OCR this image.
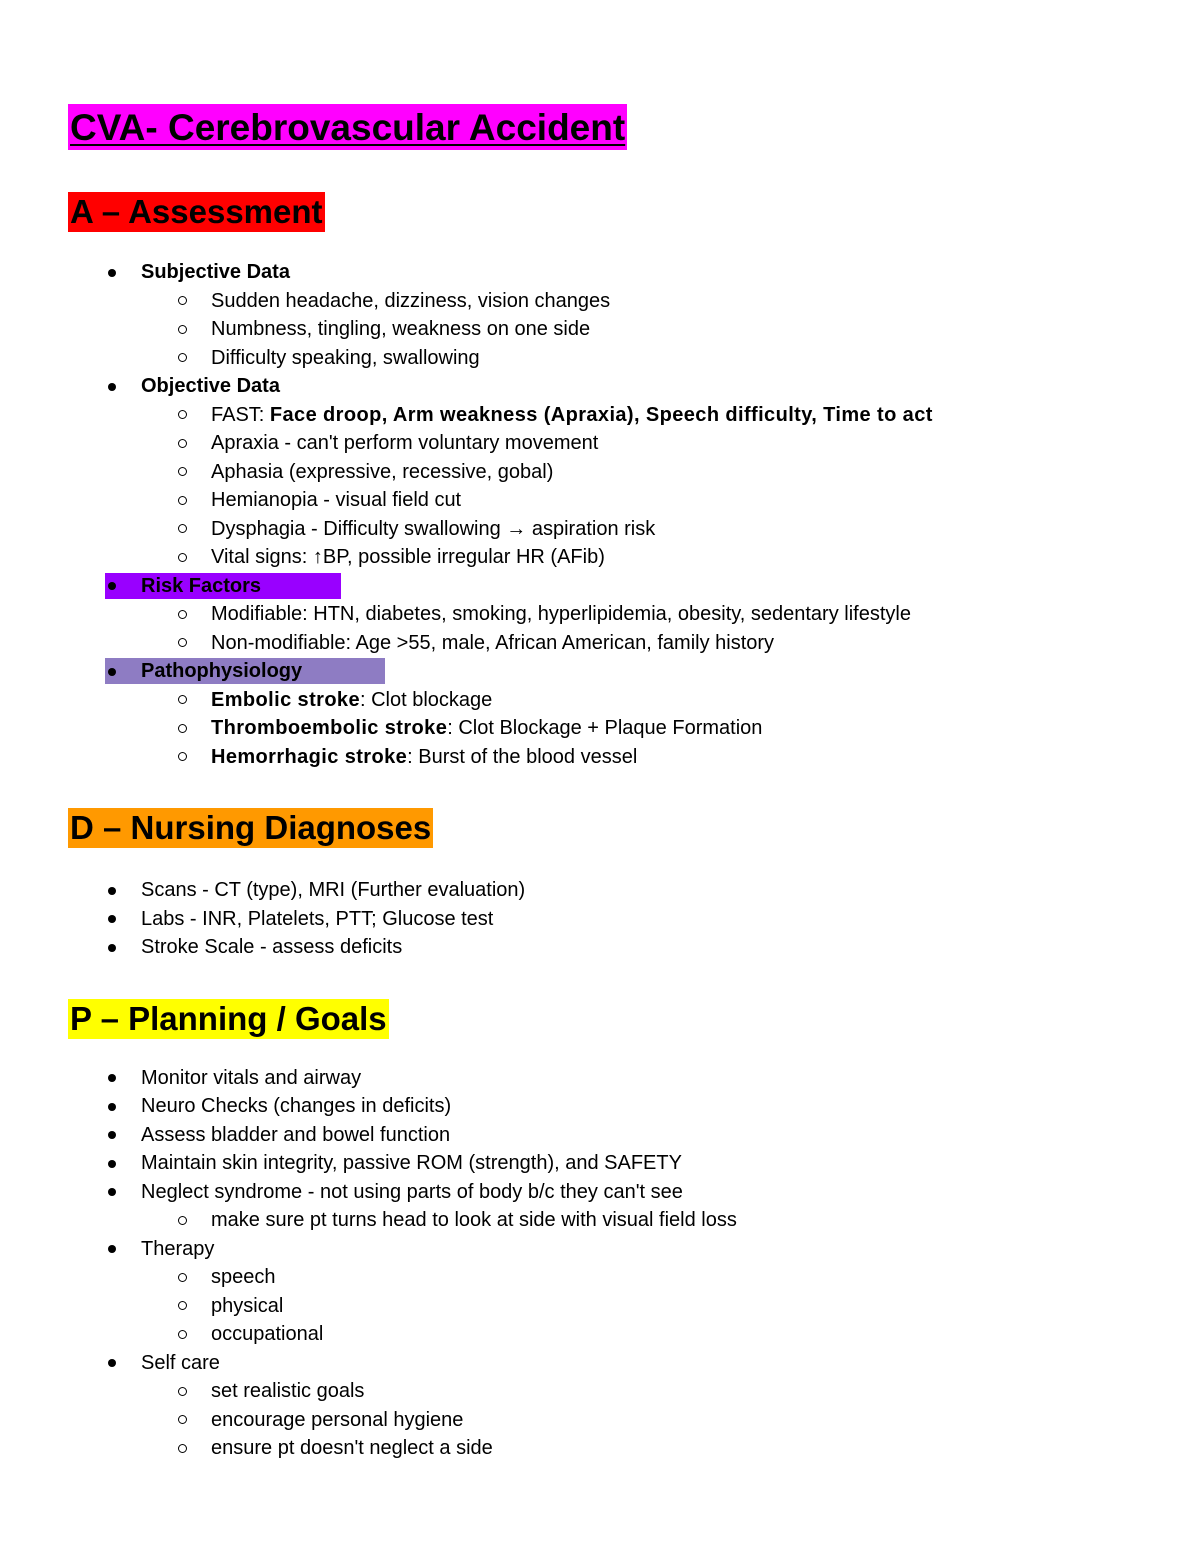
CVA- Cerebrovascular Accident
A – Assessment
Subjective Data
Sudden headache, dizziness, vision changes
Numbness, tingling, weakness on one side
Difficulty speaking, swallowing
Objective Data
FAST: Face droop, Arm weakness (Apraxia), Speech difficulty, Time to act
Apraxia - can't perform voluntary movement
Aphasia (expressive, recessive, gobal)
Hemianopia - visual field cut
Dysphagia - Difficulty swallowing → aspiration risk
Vital signs: ↑BP, possible irregular HR (AFib)
Risk Factors
Modifiable: HTN, diabetes, smoking, hyperlipidemia, obesity, sedentary lifestyle
Non-modifiable: Age >55, male, African American, family history
Pathophysiology
Embolic stroke: Clot blockage
Thromboembolic stroke: Clot Blockage + Plaque Formation
Hemorrhagic stroke: Burst of the blood vessel
D – Nursing Diagnoses
Scans - CT (type), MRI (Further evaluation)
Labs - INR, Platelets, PTT; Glucose test
Stroke Scale - assess deficits
P – Planning / Goals
Monitor vitals and airway
Neuro Checks (changes in deficits)
Assess bladder and bowel function
Maintain skin integrity, passive ROM (strength), and SAFETY
Neglect syndrome - not using parts of body b/c they can't see
make sure pt turns head to look at side with visual field loss
Therapy
speech
physical
occupational
Self care
set realistic goals
encourage personal hygiene
ensure pt doesn't neglect a side
